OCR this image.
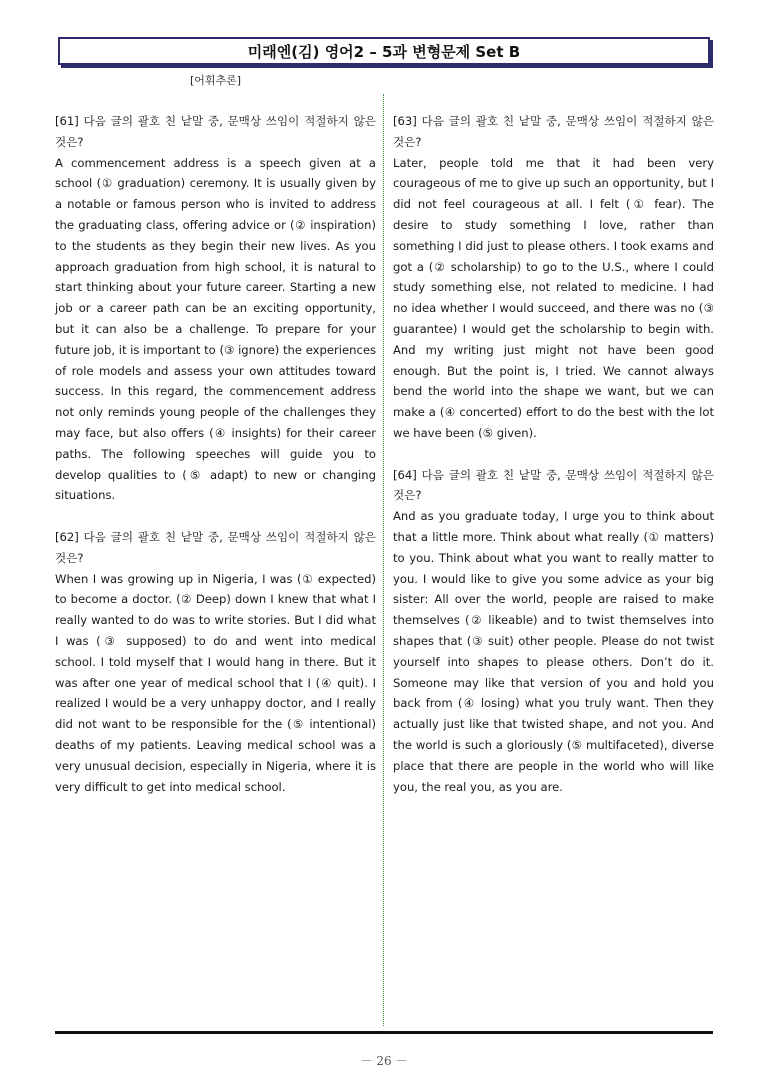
미래엔(김) 영어2 – 5과 변형문제 Set B
[어휘추론]
[61] 다음 글의 괄호 친 낱말 중, 문맥상 쓰임이 적절하지 않은 것은?
A commencement address is a speech given at a school (① graduation) ceremony. It is usually given by a notable or famous person who is invited to address the graduating class, offering advice or (② inspiration) to the students as they begin their new lives. As you approach graduation from high school, it is natural to start thinking about your future career. Starting a new job or a career path can be an exciting opportunity, but it can also be a challenge. To prepare for your future job, it is important to (③ ignore) the experiences of role models and assess your own attitudes toward success. In this regard, the commencement address not only reminds young people of the challenges they may face, but also offers (④ insights) for their career paths. The following speeches will guide you to develop qualities to (⑤ adapt) to new or changing situations.
[62] 다음 글의 괄호 친 낱말 중, 문맥상 쓰임이 적절하지 않은 것은?
When I was growing up in Nigeria, I was (① expected) to become a doctor. (② Deep) down I knew that what I really wanted to do was to write stories. But I did what I was (③ supposed) to do and went into medical school. I told myself that I would hang in there. But it was after one year of medical school that I (④ quit). I realized I would be a very unhappy doctor, and I really did not want to be responsible for the (⑤ intentional) deaths of my patients. Leaving medical school was a very unusual decision, especially in Nigeria, where it is very difficult to get into medical school.
[63] 다음 글의 괄호 친 낱말 중, 문맥상 쓰임이 적절하지 않은 것은?
Later, people told me that it had been very courageous of me to give up such an opportunity, but I did not feel courageous at all. I felt (① fear). The desire to study something I love, rather than something I did just to please others. I took exams and got a (② scholarship) to go to the U.S., where I could study something else, not related to medicine. I had no idea whether I would succeed, and there was no (③ guarantee) I would get the scholarship to begin with. And my writing just might not have been good enough. But the point is, I tried. We cannot always bend the world into the shape we want, but we can make a (④ concerted) effort to do the best with the lot we have been (⑤ given).
[64] 다음 글의 괄호 친 낱말 중, 문맥상 쓰임이 적절하지 않은 것은?
And as you graduate today, I urge you to think about that a little more. Think about what really (① matters) to you. Think about what you want to really matter to you. I would like to give you some advice as your big sister: All over the world, people are raised to make themselves (② likeable) and to twist themselves into shapes that (③ suit) other people. Please do not twist yourself into shapes to please others. Don’t do it. Someone may like that version of you and hold you back from (④ losing) what you truly want. Then they actually just like that twisted shape, and not you. And the world is such a gloriously (⑤ multifaceted), diverse place that there are people in the world who will like you, the real you, as you are.
－ 26 －
